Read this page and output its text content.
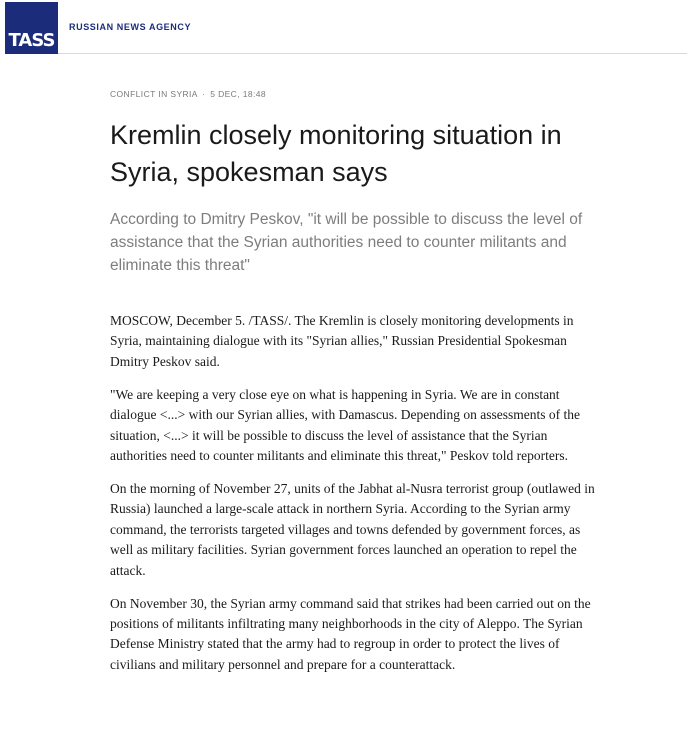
TASS
RUSSIAN NEWS AGENCY
CONFLICT IN SYRIA · 5 DEC, 18:48
Kremlin closely monitoring situation in Syria, spokesman says

According to Dmitry Peskov, "it will be possible to discuss the level of assistance that the Syrian authorities need to counter militants and eliminate this threat"

MOSCOW, December 5. /TASS/. The Kremlin is closely monitoring developments in Syria, maintaining dialogue with its "Syrian allies," Russian Presidential Spokesman Dmitry Peskov said.

"We are keeping a very close eye on what is happening in Syria. We are in constant dialogue <...> with our Syrian allies, with Damascus. Depending on assessments of the situation, <...> it will be possible to discuss the level of assistance that the Syrian authorities need to counter militants and eliminate this threat," Peskov told reporters.

On the morning of November 27, units of the Jabhat al-Nusra terrorist group (outlawed in Russia) launched a large-scale attack in northern Syria. According to the Syrian army command, the terrorists targeted villages and towns defended by government forces, as well as military facilities. Syrian government forces launched an operation to repel the attack.

On November 30, the Syrian army command said that strikes had been carried out on the positions of militants infiltrating many neighborhoods in the city of Aleppo. The Syrian Defense Ministry stated that the army had to regroup in order to protect the lives of civilians and military personnel and prepare for a counterattack.
